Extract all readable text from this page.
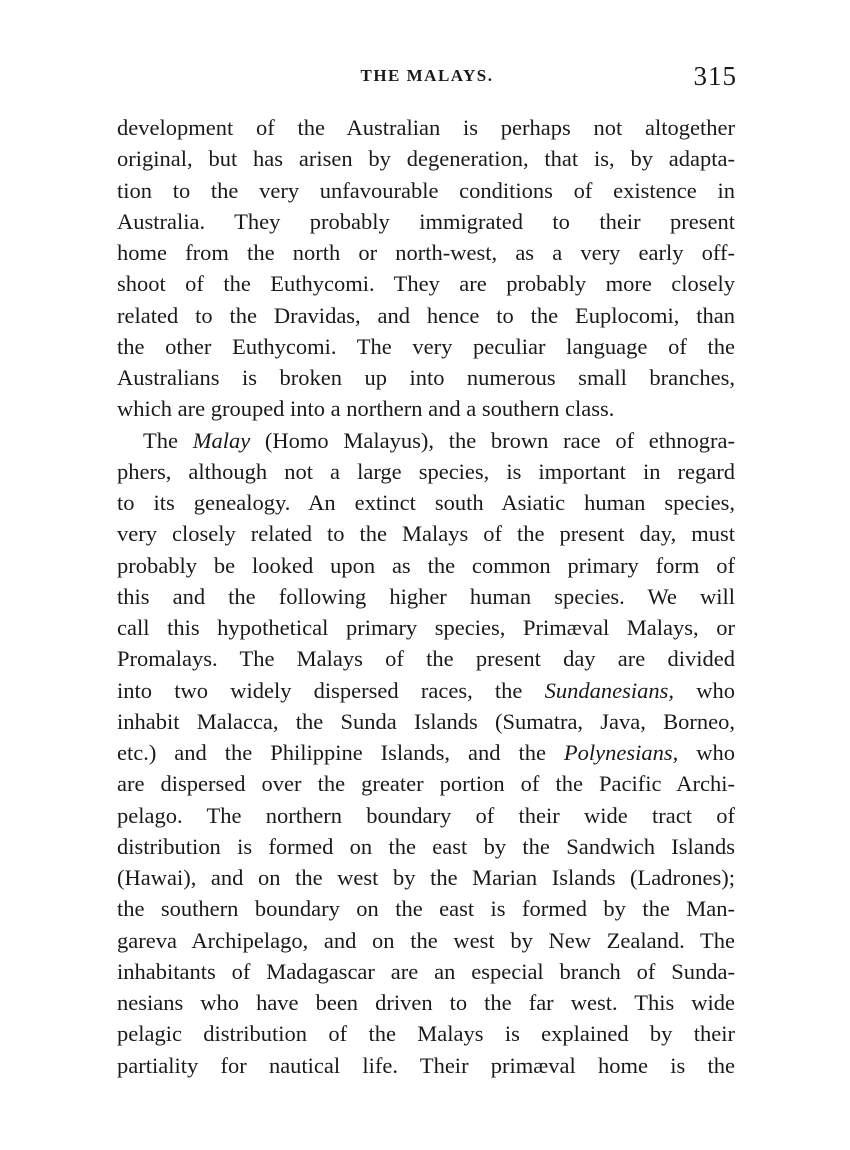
THE MALAYS.	315
development of the Australian is perhaps not altogether
original, but has arisen by degeneration, that is, by adapta-
tion to the very unfavourable conditions of existence in
Australia. They probably immigrated to their present
home from the north or north-west, as a very early off-
shoot of the Euthycomi. They are probably more closely
related to the Dravidas, and hence to the Euplocomi, than
the other Euthycomi. The very peculiar language of the
Australians is broken up into numerous small branches,
which are grouped into a northern and a southern class.
The Malay (Homo Malayus), the brown race of ethnogra-
phers, although not a large species, is important in regard
to its genealogy. An extinct south Asiatic human species,
very closely related to the Malays of the present day, must
probably be looked upon as the common primary form of
this and the following higher human species. We will
call this hypothetical primary species, Primæval Malays, or
Promalays. The Malays of the present day are divided
into two widely dispersed races, the Sundanesians, who
inhabit Malacca, the Sunda Islands (Sumatra, Java, Borneo,
etc.) and the Philippine Islands, and the Polynesians, who
are dispersed over the greater portion of the Pacific Archi-
pelago. The northern boundary of their wide tract of
distribution is formed on the east by the Sandwich Islands
(Hawai), and on the west by the Marian Islands (Ladrones);
the southern boundary on the east is formed by the Man-
gareva Archipelago, and on the west by New Zealand. The
inhabitants of Madagascar are an especial branch of Sunda-
nesians who have been driven to the far west. This wide
pelagic distribution of the Malays is explained by their
partiality for nautical life. Their primæval home is the
